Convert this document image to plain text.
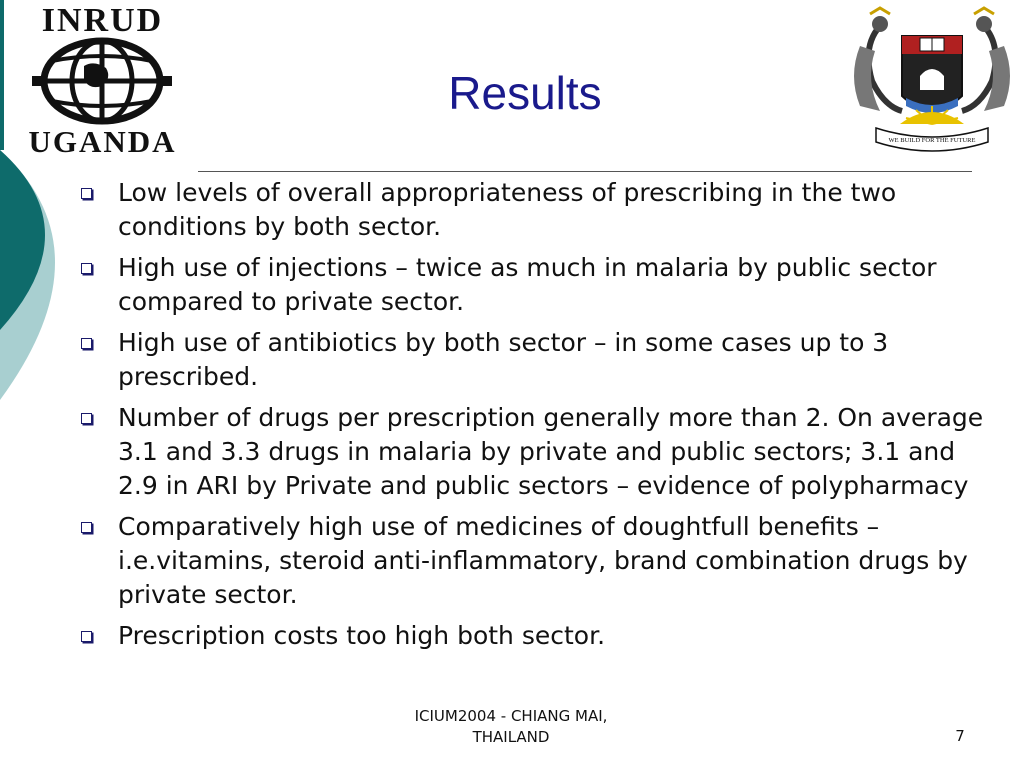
INRUD
UGANDA	WE BUILD FOR THE FUTURE
Results
Low levels of overall appropriateness of prescribing in the two conditions by both sector.
High use of injections – twice as much in malaria by public sector compared to private sector.
High use of antibiotics by both sector – in some cases up to 3 prescribed.
Number of drugs per prescription generally more than 2. On average 3.1 and 3.3 drugs in malaria by private and public sectors; 3.1 and 2.9 in ARI by Private and public sectors – evidence of polypharmacy
Comparatively high use of medicines of doughtfull benefits – i.e.vitamins, steroid anti-inflammatory, brand combination drugs by private sector.
Prescription costs too high both sector.
ICIUM2004 - CHIANG MAI,
THAILAND	7
